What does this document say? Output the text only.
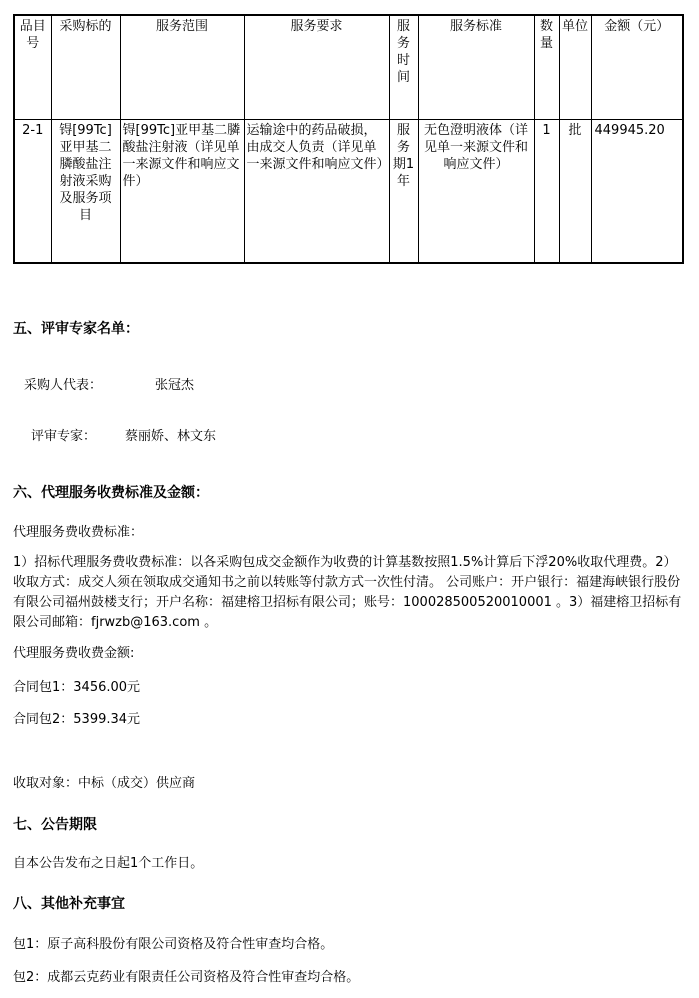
品目号	采购标的	服务范围	服务要求	服务时间	服务标准	数量	单位	金额（元）
2-1	锝[99Tc]亚甲基二膦酸盐注射液采购及服务项目	锝[99Tc]亚甲基二膦酸盐注射液（详见单一来源文件和响应文件）	运输途中的药品破损，由成交人负责（详见单一来源文件和响应文件）	服务期1年	无色澄明液体（详见单一来源文件和响应文件）	1	批	449945.20
五、评审专家名单：
采购人代表：	张冠杰
评审专家： 蔡丽娇、林文东
六、代理服务收费标准及金额：
代理服务费收费标准：
1）招标代理服务费收费标准：以各采购包成交金额作为收费的计算基数按照1.5%计算后下浮20%收取代理费。2）收取方式：成交人须在领取成交通知书之前以转账等付款方式一次性付清。 公司账户：开户银行：福建海峡银行股份有限公司福州鼓楼支行；开户名称：福建榕卫招标有限公司；账号：100028500520010001 。3）福建榕卫招标有限公司邮箱：fjrwzb@163.com 。
代理服务费收费金额:
合同包1：3456.00元
合同包2：5399.34元
收取对象：中标（成交）供应商
七、公告期限
自本公告发布之日起1个工作日。
八、其他补充事宜
包1：原子高科股份有限公司资格及符合性审查均合格。
包2：成都云克药业有限责任公司资格及符合性审查均合格。
